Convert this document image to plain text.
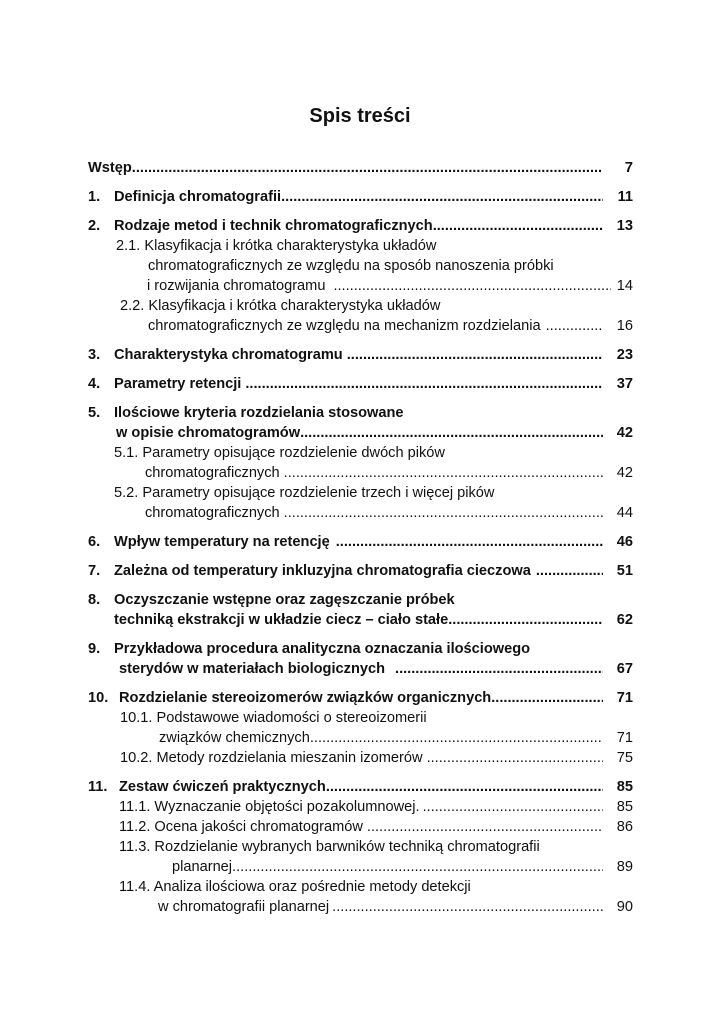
Spis treści
Wstęp .....	7
1. Definicja chromatografii .....	11
2. Rodzaje metod i technik chromatograficznych .....	13
2.1. Klasyfikacja i krótka charakterystyka układów
chromatograficznych ze względu na sposób nanoszenia próbki
i rozwijania chromatogramu .....	14
2.2. Klasyfikacja i krótka charakterystyka układów
chromatograficznych ze względu na mechanizm rozdzielania .....	16
3. Charakterystyka chromatogramu .....	23
4. Parametry retencji .....	37
5. Ilościowe kryteria rozdzielania stosowane
w opisie chromatogramów .....	42
5.1. Parametry opisujące rozdzielenie dwóch pików
chromatograficznych .....	42
5.2. Parametry opisujące rozdzielenie trzech i więcej pików
chromatograficznych .....	44
6. Wpływ temperatury na retencję .....	46
7. Zależna od temperatury inkluzyjna chromatografia cieczowa .....	51
8. Oczyszczanie wstępne oraz zagęszczanie próbek
techniką ekstrakcji w układzie ciecz – ciało stałe .....	62
9. Przykładowa procedura analityczna oznaczania ilościowego
sterydów w materiałach biologicznych .....	67
10. Rozdzielanie stereoizomerów związków organicznych .....	71
10.1. Podstawowe wiadomości o stereoizomerii
związków chemicznych .....	71
10.2. Metody rozdzielania mieszanin izomerów .....	75
11. Zestaw ćwiczeń praktycznych .....	85
11.1. Wyznaczanie objętości pozakolumnowej. .....	85
11.2. Ocena jakości chromatogramów .....	86
11.3. Rozdzielanie wybranych barwników techniką chromatografii
planarnej .....	89
11.4. Analiza ilościowa oraz pośrednie metody detekcji
w chromatografii planarnej .....	90
